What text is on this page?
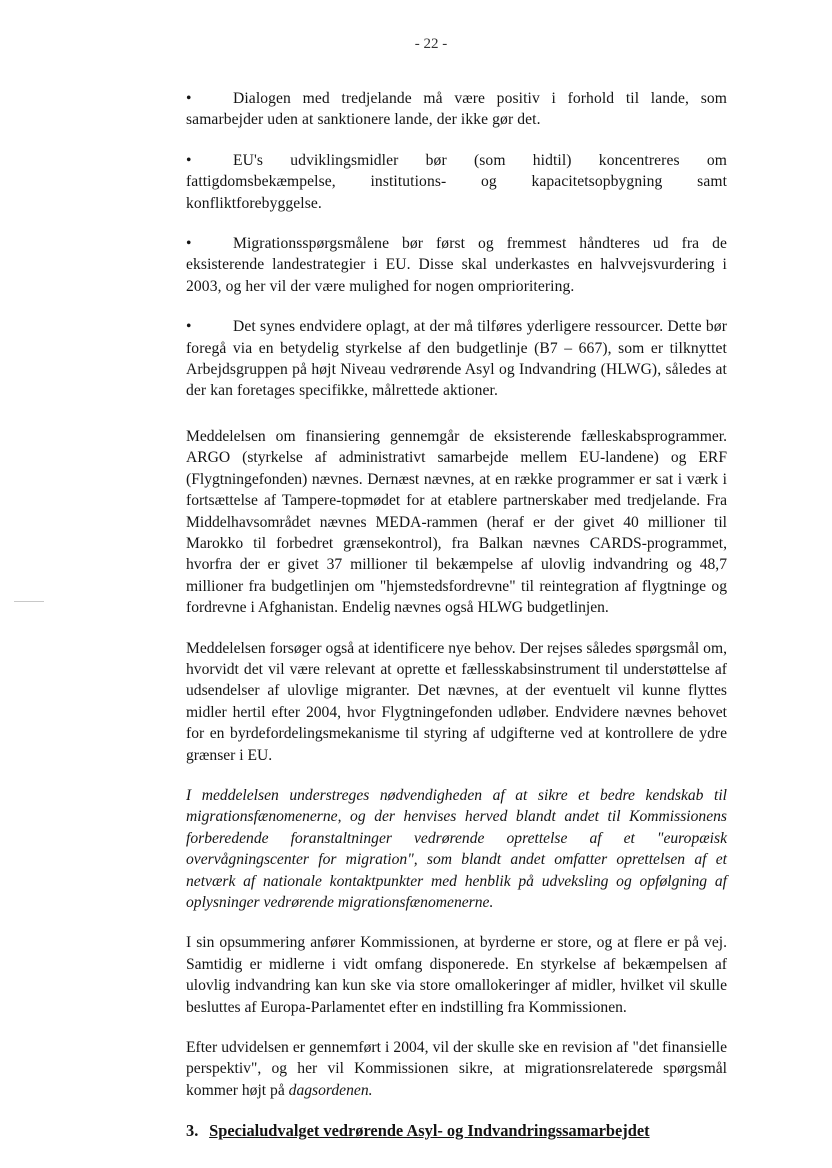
- 22 -
•	Dialogen med tredjelande må være positiv i forhold til lande, som samarbejder uden at sanktionere lande, der ikke gør det.
•	EU's udviklingsmidler bør (som hidtil) koncentreres om fattigdomsbekæmpelse, institutions- og kapacitetsopbygning samt konfliktforebyggelse.
•	Migrationsspørgsmålene bør først og fremmest håndteres ud fra de eksisterende landestrategier i EU. Disse skal underkastes en halvvejsvurdering i 2003, og her vil der være mulighed for nogen omprioritering.
•	Det synes endvidere oplagt, at der må tilføres yderligere ressourcer. Dette bør foregå via en betydelig styrkelse af den budgetlinje (B7 – 667), som er tilknyttet Arbejdsgruppen på højt Niveau vedrørende Asyl og Indvandring (HLWG), således at der kan foretages specifikke, målrettede aktioner.

Meddelelsen om finansiering gennemgår de eksisterende fælleskabsprogrammer. ARGO (styrkelse af administrativt samarbejde mellem EU-landene) og ERF (Flygtningefonden) nævnes. Dernæst nævnes, at en række programmer er sat i værk i fortsættelse af Tampere-topmødet for at etablere partnerskaber med tredjelande. Fra Middelhavsområdet nævnes MEDA-rammen (heraf er der givet 40 millioner til Marokko til forbedret grænsekontrol), fra Balkan nævnes CARDS-programmet, hvorfra der er givet 37 millioner til bekæmpelse af ulovlig indvandring og 48,7 millioner fra budgetlinjen om "hjemstedsfordrevne" til reintegration af flygtninge og fordrevne i Afghanistan. Endelig nævnes også HLWG budgetlinjen.

Meddelelsen forsøger også at identificere nye behov. Der rejses således spørgsmål om, hvorvidt det vil være relevant at oprette et fællesskabsinstrument til understøttelse af udsendelser af ulovlige migranter. Det nævnes, at der eventuelt vil kunne flyttes midler hertil efter 2004, hvor Flygtningefonden udløber. Endvidere nævnes behovet for en byrdefordelingsmekanisme til styring af udgifterne ved at kontrollere de ydre grænser i EU.

I meddelelsen understreges nødvendigheden af at sikre et bedre kendskab til migrationsfænomenerne, og der henvises herved blandt andet til Kommissionens forberedende foranstaltninger vedrørende oprettelse af et "europæisk overvågningscenter for migration", som blandt andet omfatter oprettelsen af et netværk af nationale kontaktpunkter med henblik på udveksling og opfølgning af oplysninger vedrørende migrationsfænomenerne.

I sin opsummering anfører Kommissionen, at byrderne er store, og at flere er på vej. Samtidig er midlerne i vidt omfang disponerede. En styrkelse af bekæmpelsen af ulovlig indvandring kan kun ske via store omallokeringer af midler, hvilket vil skulle besluttes af Europa-Parlamentet efter en indstilling fra Kommissionen.

Efter udvidelsen er gennemført i 2004, vil der skulle ske en revision af "det finansielle perspektiv", og her vil Kommissionen sikre, at migrationsrelaterede spørgsmål kommer højt på dagsordenen.

3. Specialudvalget vedrørende Asyl- og Indvandringssamarbejdet
